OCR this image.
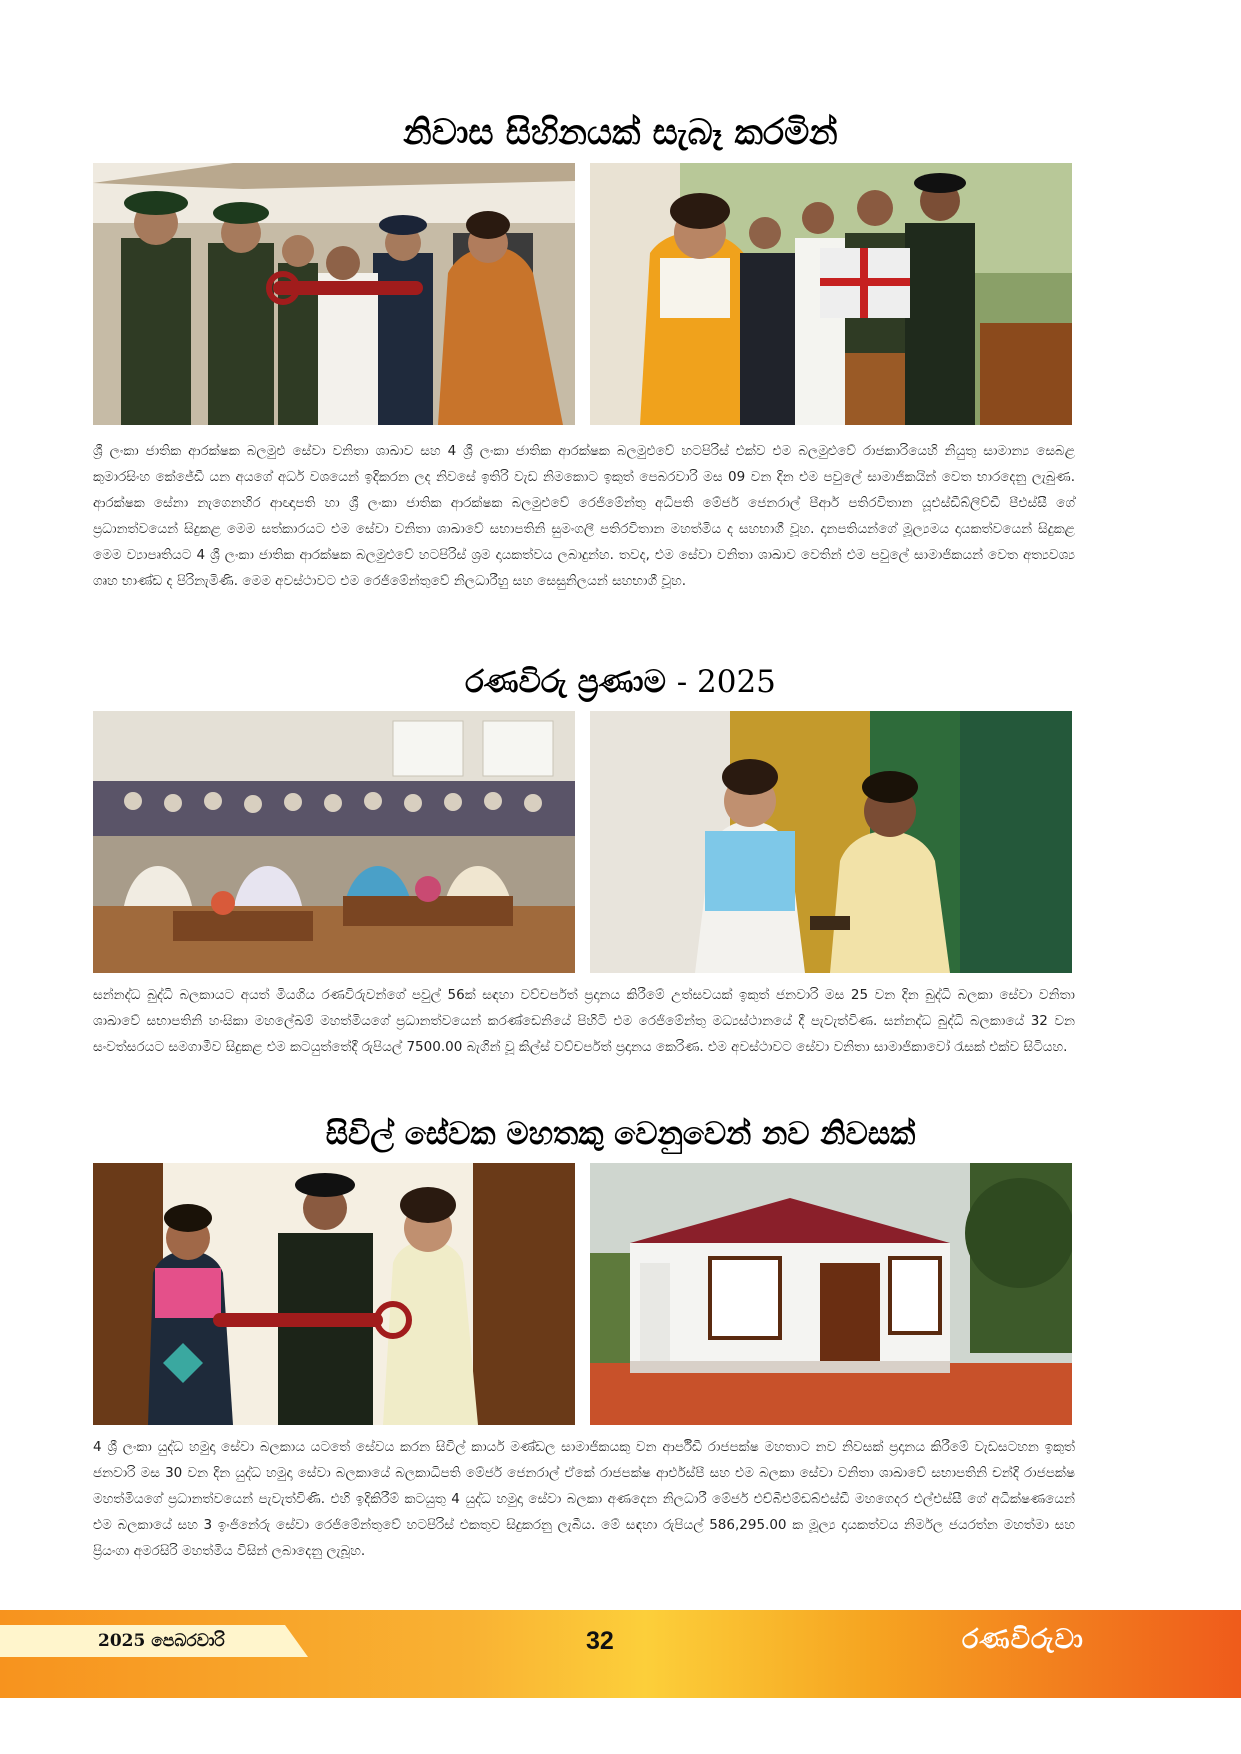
නිවාස සිහිනයක් සැබෑ කරමින්

ශ්‍රී ලංකා ජාතික ආරක්ෂක බලමුළු සේවා වනිතා ශාඛාව සහ 4 ශ්‍රී ලංකා ජාතික ආරක්ෂක බලමුළුවේ හටපිරිස් එක්ව එම බලමුළුවේ රාජකාරියෙහි නියුතු සාමාන්‍ය සෙබළ කුමාරසිංහ කේජේඩී යන අයගේ අර්ධ වශයෙන් ඉදිකරන ලද නිවසේ ඉතිරි වැඩ නිමකොට ඉකුත් පෙබරවාරි මස 09 වන දින එම පවුලේ සාමාජිකයින් වෙත භාරදෙනු ලැබුණ. ආරක්ෂක සේනා නැගෙනහිර ආඥාපති හා ශ්‍රී ලංකා ජාතික ආරක්ෂක බලමුළුවේ රෙජිමේන්තු අධිපති මේජර් ජෙනරාල් පීආර් පතිරවිතාන යූඑස්ඩීබ්ලිව්ඩී පීඑස්සී ගේ ප්‍රධානත්වයෙන් සිදුකළ මෙම සත්කාරයට එම සේවා වනිතා ශාඛාවේ සභාපතිනි සුමංගලී පතිරවිතාන මහත්මිය ද සහභාගී වූහ. දානපතියන්ගේ මූල්‍යමය දායකත්වයෙන් සිදුකළ මෙම ව්‍යාපෘතියට 4 ශ්‍රී ලංකා ජාතික ආරක්ෂක බලමුළුවේ හටපිරිස් ශ්‍රම දායකත්වය ලබාදුන්හ. තවද, එම සේවා වනිතා ශාඛාව වෙතින් එම පවුලේ සාමාජිකයන් වෙත අත්‍යවශ්‍ය ගෘහ භාණ්ඩ ද පිරිනැමිණි. මෙම අවස්ථාවට එම රෙජිමේන්තුවේ නිලධාරීහු සහ සෙසුනිලයන් සහභාගී වූහ.

රණවිරු ප්‍රණාම - 2025

සන්නද්ධ බුද්ධි බලකායට අයත් මියගිය රණවිරුවන්ගේ පවුල් 56ක් සඳහා වව්චර්පත් ප්‍රදානය කිරීමේ උත්සවයක් ඉකුත් ජනවාරි මස 25 වන දින බුද්ධි බලකා සේවා වනිතා ශාඛාවේ සභාපතිනි හංසිකා මහලේඛම් මහත්මියගේ ප්‍රධානත්වයෙන් කරණ්ඩෙනියේ පිහිටි එම රෙජිමේන්තු මධ්‍යස්ථානයේ දී පැවැත්විණ. සන්නද්ධ බුද්ධි බලකායේ 32 වන සංවත්සරයට සමගාමීව සිදුකළ එම කටයුත්තේදී රුපියල් 7500.00 බැගින් වූ කිල්ස් වව්චර්පත් ප්‍රදානය කෙරිණ. එම අවස්ථාවට සේවා වනිතා සාමාජිකාවෝ රැසක් එක්ව සිටියහ.

සිවිල් සේවක මහතකු වෙනුවෙන් නව නිවසක්

4 ශ්‍රී ලංකා යුද්ධ හමුදා සේවා බලකාය යටතේ සේවය කරන සිවිල් කාර්ය මණ්ඩල සාමාජිකයකු වන ආර්පීඩී රාජපක්ෂ මහතාට නව නිවසක් ප්‍රදානය කිරීමේ වැඩසටහන ඉකුත් ජනවාරි මස 30 වන දින යුද්ධ හමුදා සේවා බලකායේ බලකාධිපති මේජර් ජෙනරාල් ඒකේ රාජපක්ෂ ආර්එස්පී සහ එම බලකා සේවා වනිතා ශාඛාවේ සභාපතිනි චන්දි රාජපක්ෂ මහත්මියගේ ප්‍රධානත්වයෙන් පැවැත්විණි. එහි ඉදිකිරීම් කටයුතු 4 යුද්ධ හමුදා සේවා බලකා අණදෙන නිලධාරී මේජර් එච්බීඑම්ඩබ්එස්ඩී මහගෙදර එල්එස්සී ගේ අධීක්ෂණයෙන් එම බලකායේ සහ 3 ඉංජිනේරු සේවා රෙජිමේන්තුවේ හටපිරිස් එකතුව සිදුකරනු ලැබීය. මේ සඳහා රුපියල් 586,295.00 ක මූල්‍ය දායකත්වය නිර්මල ජයරත්න මහත්මා සහ ප්‍රියංගා අමරසිරි මහත්මිය විසින් ලබාදෙනු ලැබූහ.

2025 පෙබරවාරි	32	රණවිරුවා
